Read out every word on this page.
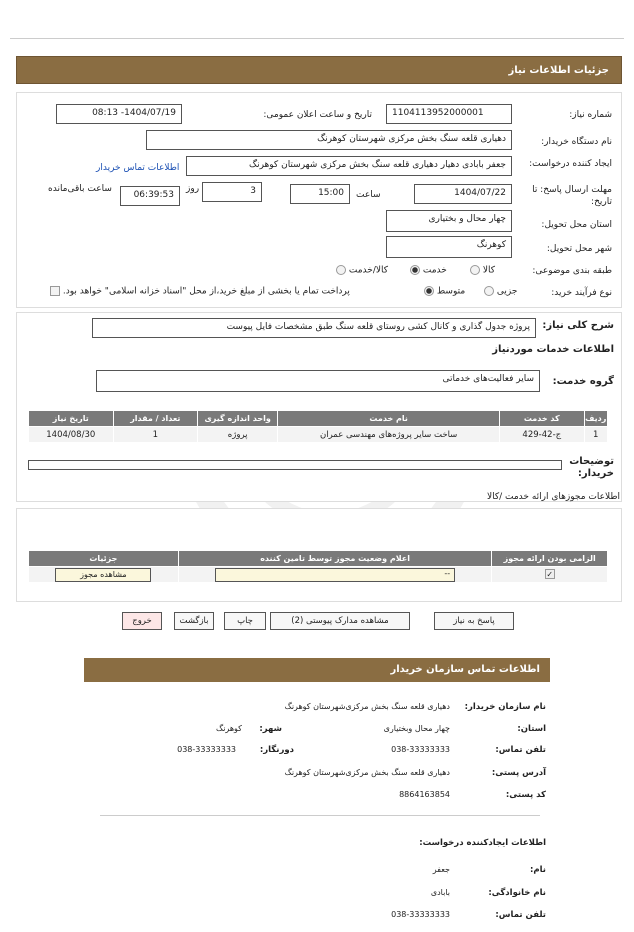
جزئیات اطلاعات نیاز
شماره نیاز:
1104113952000001
تاریخ و ساعت اعلان عمومی:
1404/07/19- 08:13
نام دستگاه خریدار:
دهیاری قلعه سنگ بخش مرکزی شهرستان کوهرنگ
ایجاد کننده درخواست:
جعفر بابادی دهیار دهیاری قلعه سنگ بخش مرکزی شهرستان کوهرنگ
اطلاعات تماس خریدار
مهلت ارسال پاسخ: تا تاریخ:
1404/07/22
ساعت
15:00
3
روز
06:39:53
ساعت باقی‌مانده
استان محل تحویل:
چهار محال و بختیاری
شهر محل تحویل:
کوهرنگ
طبقه بندی موضوعی:
کالا
خدمت
کالا/خدمت
نوع فرآیند خرید:
جزیی
متوسط
پرداخت تمام یا بخشی از مبلغ خرید،از محل "اسناد خزانه اسلامی" خواهد بود.
شرح کلی نیاز:
پروژه جدول گذاری و کانال کشی روستای قلعه سنگ طبق مشخصات فایل پیوست
اطلاعات خدمات موردنیاز
گروه خدمت:
سایر فعالیت‌های خدماتی
ردیف	کد خدمت	نام خدمت	واحد اندازه گیری	تعداد / مقدار	تاریخ نیاز
1	ج-42-429	ساخت سایر پروژه‌های مهندسی عمران	پروژه	1	1404/08/30
توضیحات خریدار:
اطلاعات مجوزهای ارائه خدمت /کالا
الزامی بودن ارائه مجوز	اعلام وضعیت مجوز توسط تامین کننده	جزئیات
✓	--	مشاهده مجوز
پاسخ به نیاز
مشاهده مدارک پیوستی (2)
چاپ
بازگشت
خروج
اطلاعات تماس سازمان خریدار
نام سازمان خریدار:
دهیاری قلعه سنگ بخش مرکزی‌شهرستان کوهرنگ
استان:
چهار محال وبختیاری
شهر:
کوهرنگ
تلفن تماس:
038-33333333
دورنگار:
038-33333333
آدرس پستی:
دهیاری قلعه سنگ بخش مرکزی‌شهرستان کوهرنگ
کد پستی:
8864163854
اطلاعات ایجادکننده درخواست:
نام:
جعفر
نام خانوادگی:
بابادی
تلفن تماس:
038-33333333
